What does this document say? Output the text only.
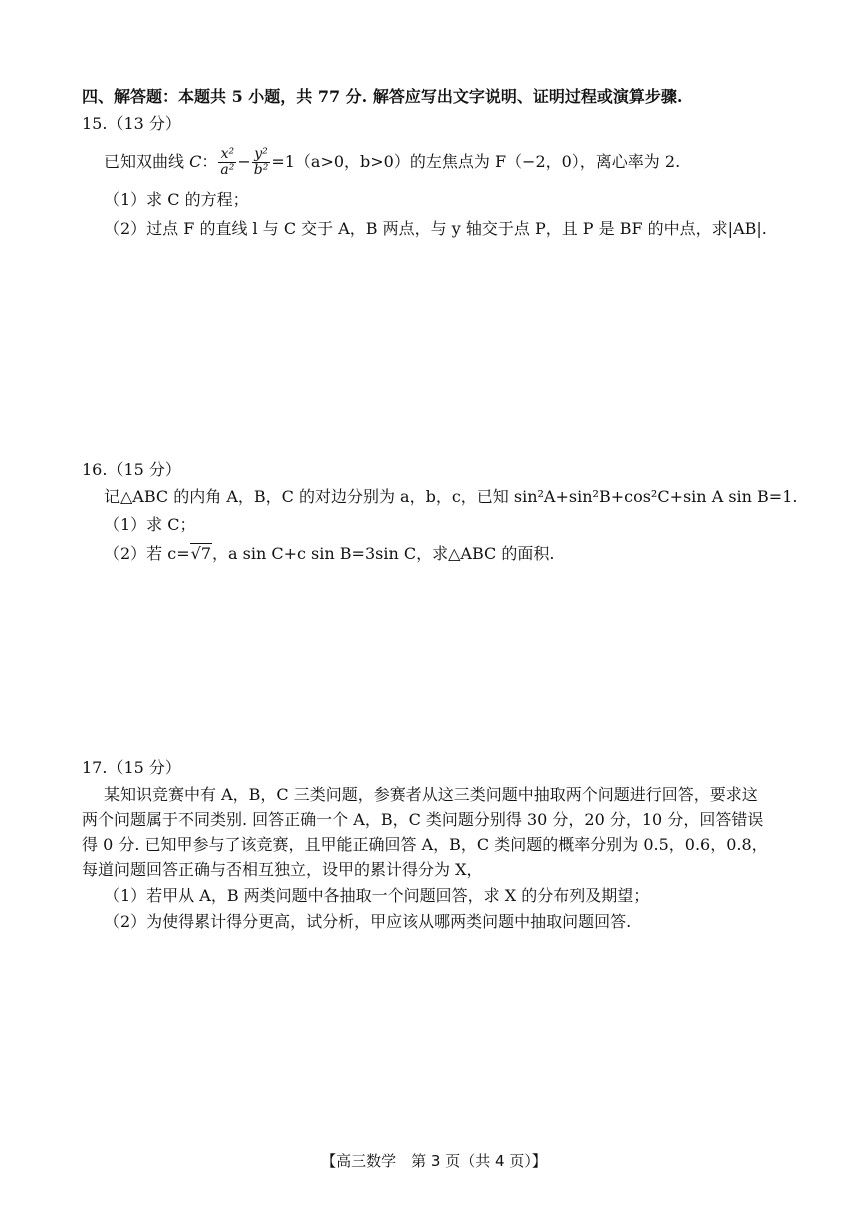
四、解答题：本题共 5 小题，共 77 分. 解答应写出文字说明、证明过程或演算步骤.
15.（13 分）
已知双曲线 C： $\frac{\text{x²}}{\text{a²}} - \frac{\text{y²}}{\text{b²}} =1(a>0$，b>0）的左焦点为 F（−2，0），离心率为 2.
（1）求 C 的方程；
（2）过点 F 的直线 l 与 C 交于 A，B 两点，与 y 轴交于点 P，且 P 是 BF 的中点，求|AB|.
16.（15 分）
记△ABC 的内角 A，B，C 的对边分别为 a，b，c，已知 sin²A+sin²B+cos²C+sin A sin B=1.
（1）求 C；
（2）若 c=√7，a sin C+c sin B=3sin C，求△ABC 的面积.
17.（15 分）
某知识竞赛中有 A，B，C 三类问题，参赛者从这三类问题中抽取两个问题进行回答，要求这
两个问题属于不同类别. 回答正确一个 A，B，C 类问题分别得 30 分，20 分，10 分，回答错误
得 0 分. 已知甲参与了该竞赛，且甲能正确回答 A，B，C 类问题的概率分别为 0.5，0.6，0.8，
每道问题回答正确与否相互独立，设甲的累计得分为 X，
（1）若甲从 A，B 两类问题中各抽取一个问题回答，求 X 的分布列及期望；
（2）为使得累计得分更高，试分析，甲应该从哪两类问题中抽取问题回答.
【高三数学　第 3 页（共 4 页）】
